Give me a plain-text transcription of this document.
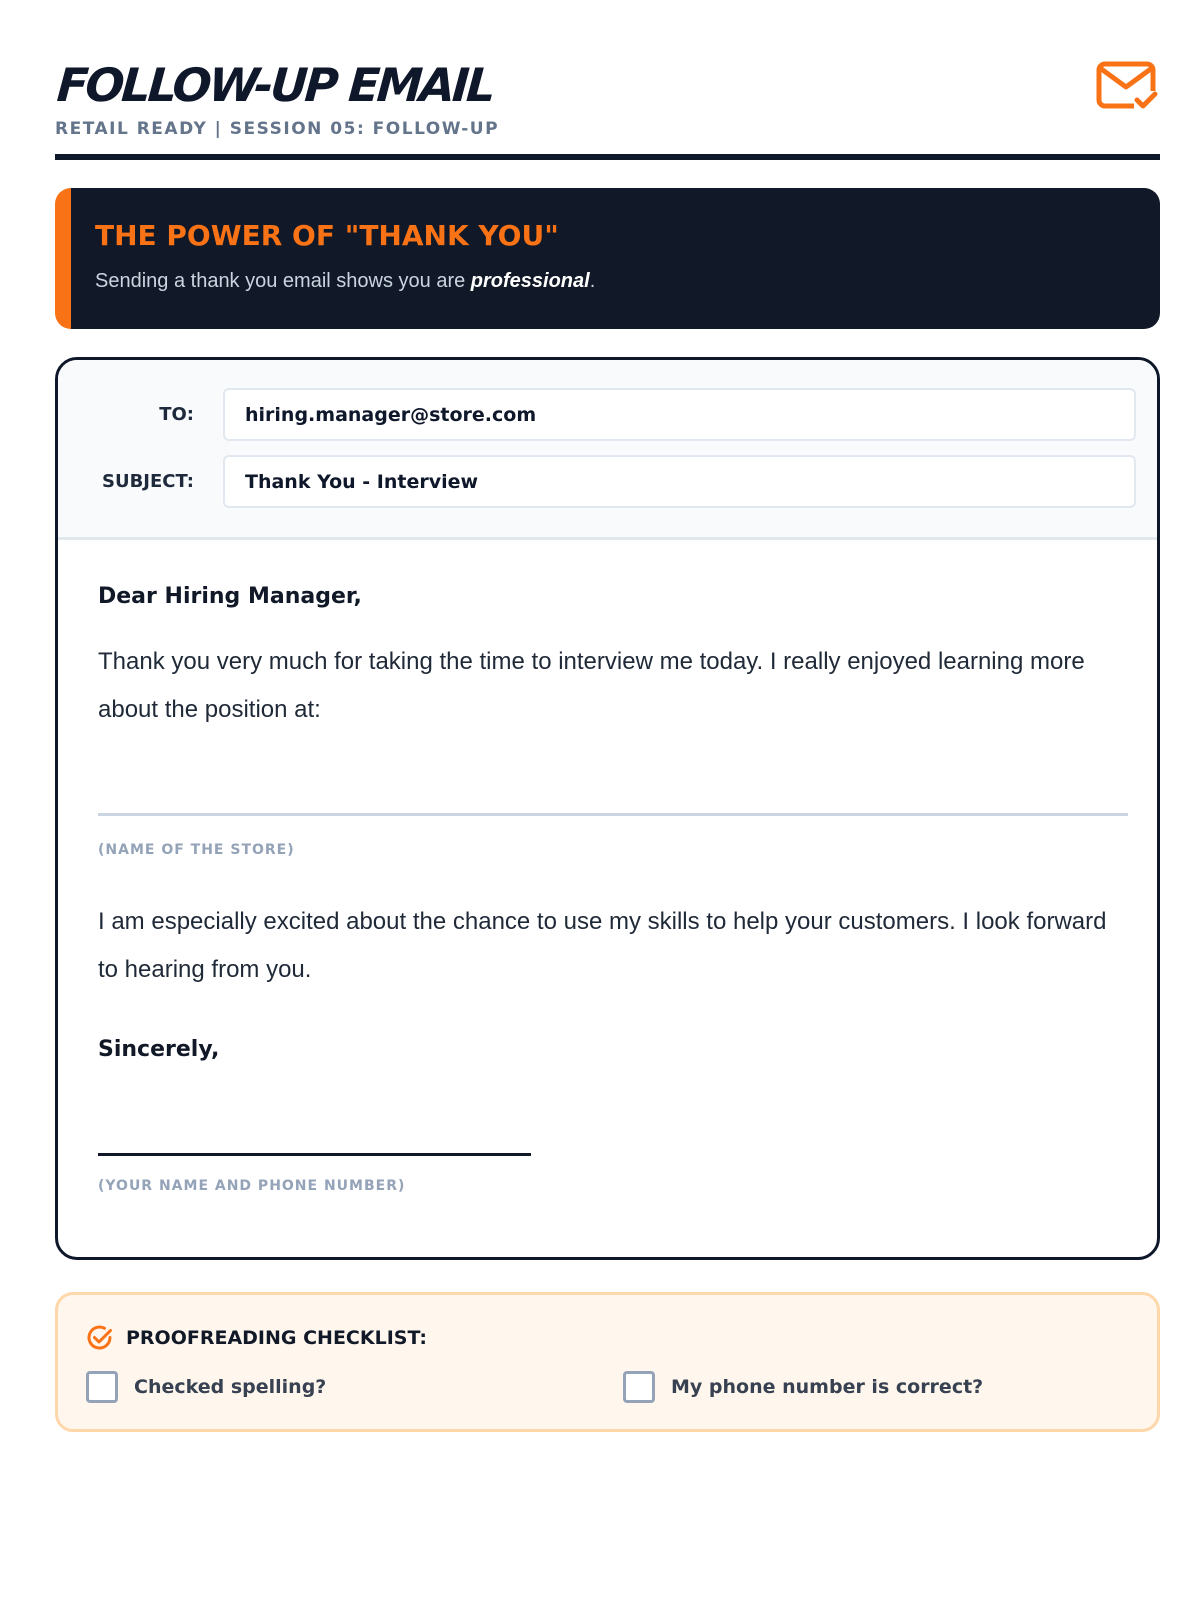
FOLLOW-UP EMAIL
RETAIL READY | SESSION 05: FOLLOW-UP
THE POWER OF "THANK YOU"
Sending a thank you email shows you are professional.
TO:	hiring.manager@store.com
SUBJECT:	Thank You - Interview
Dear Hiring Manager,
Thank you very much for taking the time to interview me today. I really enjoyed learning more about the position at:
(NAME OF THE STORE)
I am especially excited about the chance to use my skills to help your customers. I look forward to hearing from you.
Sincerely,
(YOUR NAME AND PHONE NUMBER)
PROOFREADING CHECKLIST:
Checked spelling?	My phone number is correct?
